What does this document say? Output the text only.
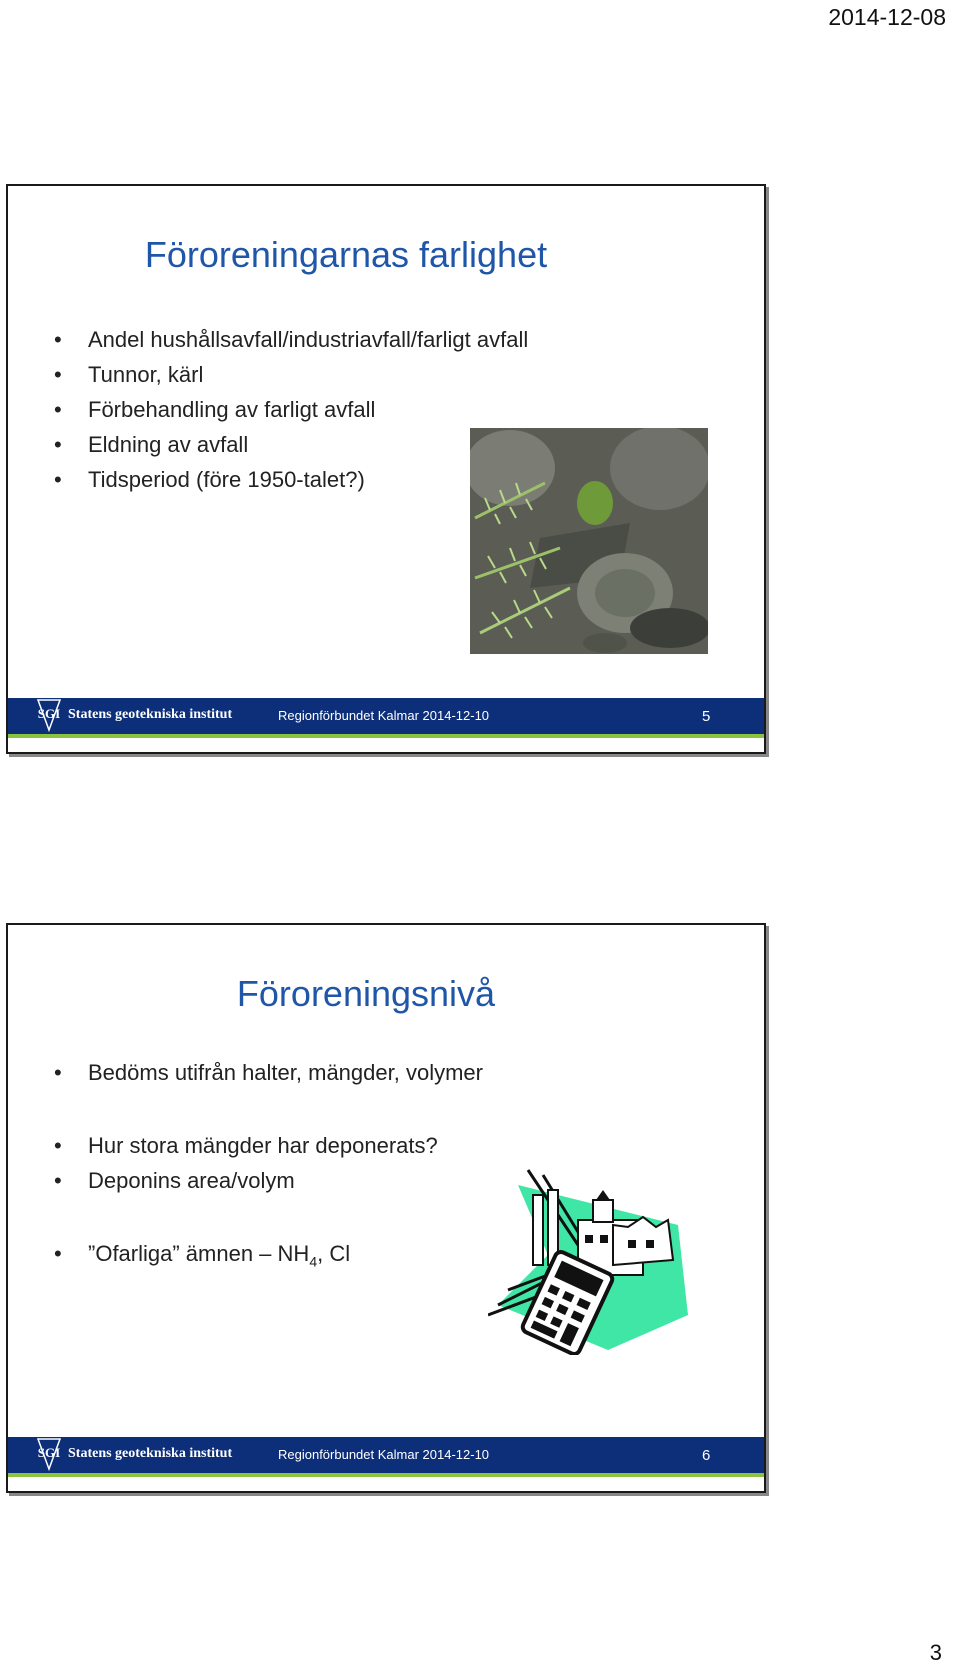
2014-12-08
Föroreningarnas farlighet
• Andel hushållsavfall/industriavfall/farligt avfall
• Tunnor, kärl
• Förbehandling av farligt avfall
• Eldning av avfall
• Tidsperiod (före 1950-talet?)
SGI Statens geotekniska institut	Regionförbundet Kalmar 2014-12-10	5
Föroreningsnivå
• Bedöms utifrån halter, mängder, volymer
• Hur stora mängder har deponerats?
• Deponins area/volym
• ”Ofarliga” ämnen – $NH_4$, Cl
SGI Statens geotekniska institut	Regionförbundet Kalmar 2014-12-10	6
3
